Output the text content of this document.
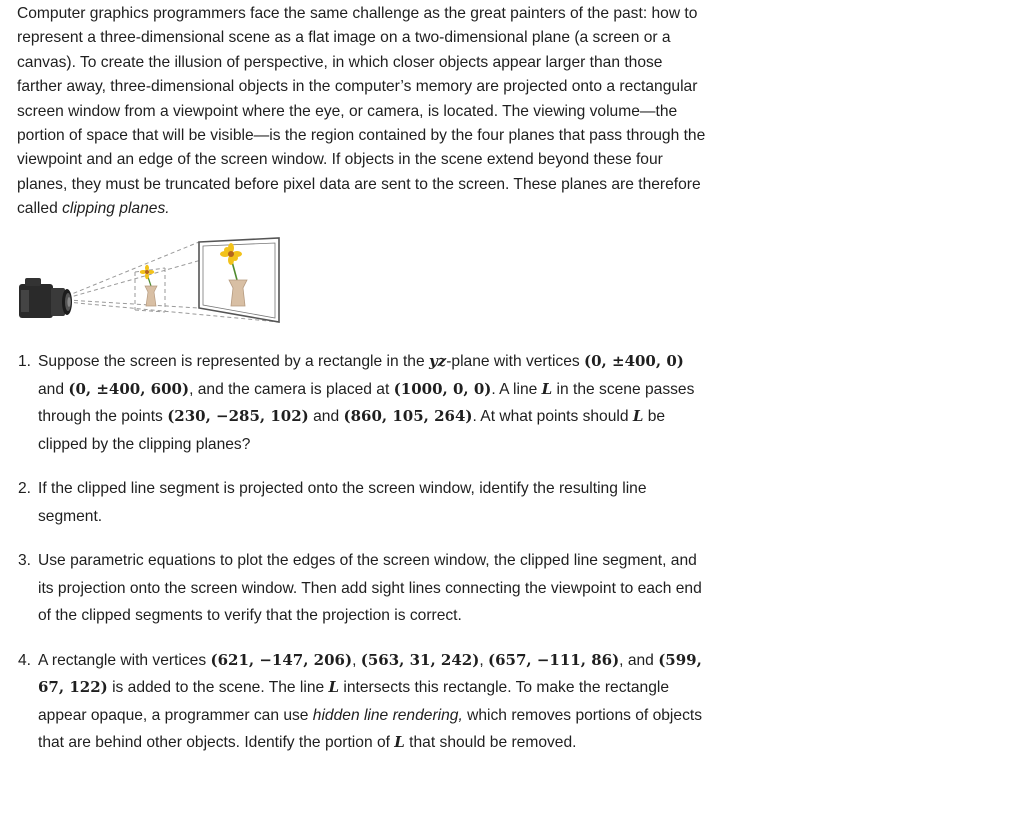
Computer graphics programmers face the same challenge as the great painters of the past: how to represent a three-dimensional scene as a flat image on a two-dimensional plane (a screen or a canvas). To create the illusion of perspective, in which closer objects appear larger than those farther away, three-dimensional objects in the computer’s memory are projected onto a rectangular screen window from a viewpoint where the eye, or camera, is located. The viewing volume—the portion of space that will be visible—is the region contained by the four planes that pass through the viewpoint and an edge of the screen window. If objects in the scene extend beyond these four planes, they must be truncated before pixel data are sent to the screen. These planes are therefore called clipping planes.

1. Suppose the screen is represented by a rectangle in the yz-plane with vertices (0, ±400, 0) and (0, ±400, 600), and the camera is placed at (1000, 0, 0). A line L in the scene passes through the points (230, −285, 102) and (860, 105, 264). At what points should L be clipped by the clipping planes?
2. If the clipped line segment is projected onto the screen window, identify the resulting line segment.
3. Use parametric equations to plot the edges of the screen window, the clipped line segment, and its projection onto the screen window. Then add sight lines connecting the viewpoint to each end of the clipped segments to verify that the projection is correct.
4. A rectangle with vertices (621, −147, 206), (563, 31, 242), (657, −111, 86), and (599, 67, 122) is added to the scene. The line L intersects this rectangle. To make the rectangle appear opaque, a programmer can use hidden line rendering, which removes portions of objects that are behind other objects. Identify the portion of L that should be removed.
